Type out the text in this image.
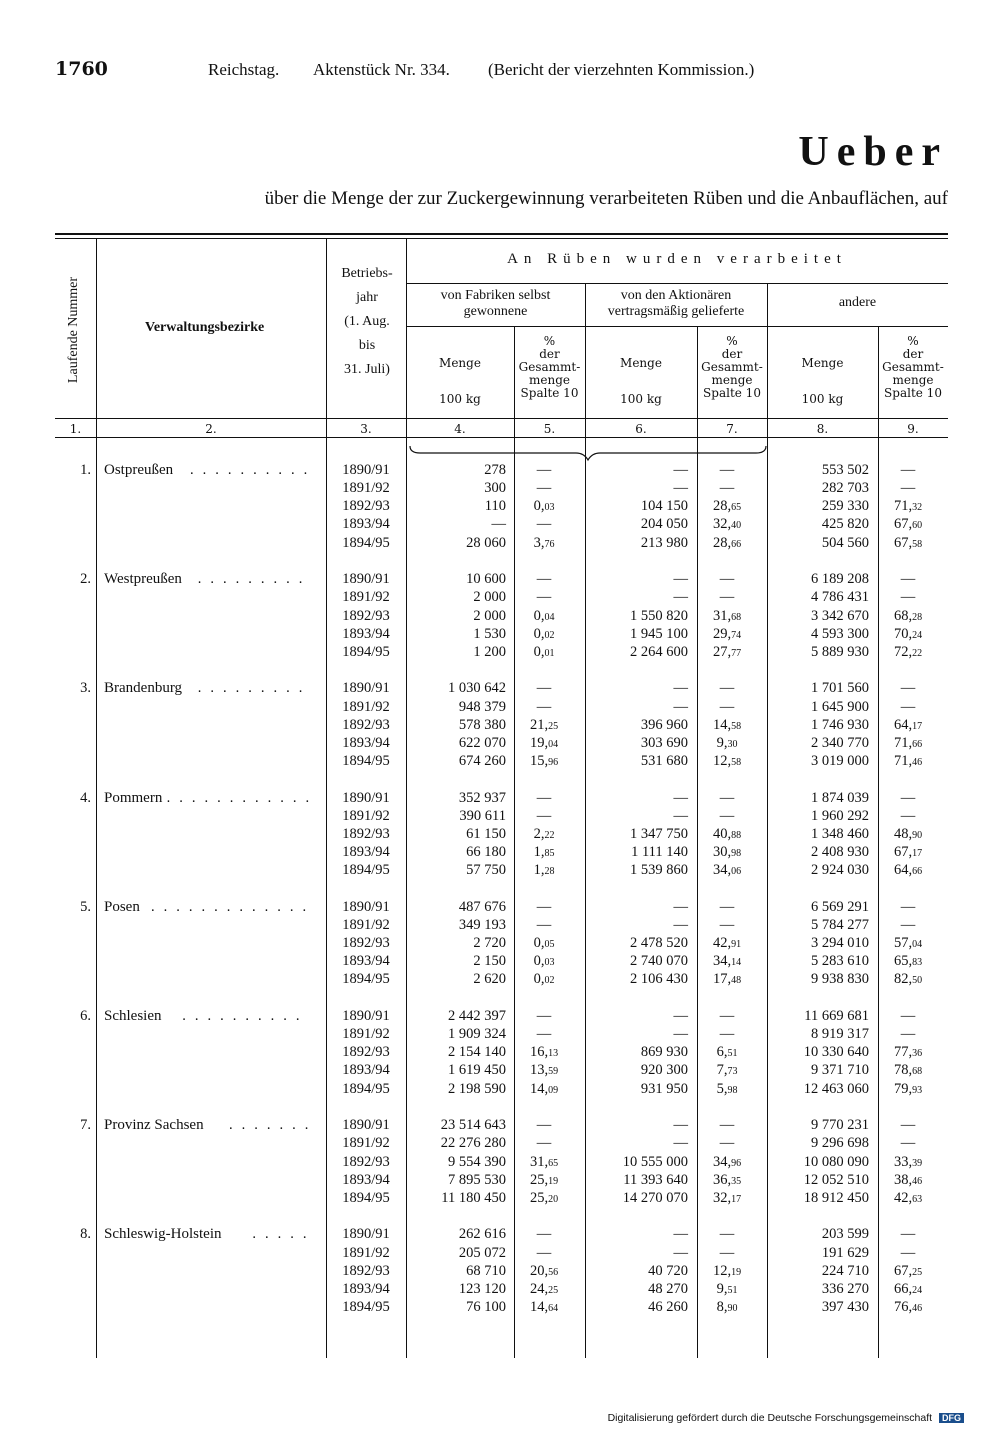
1760	Reichstag. Aktenstück Nr. 334. (Bericht der vierzehnten Kommission.)
Ueber
über die Menge der zur Zuckergewinnung verarbeiteten Rüben und die Anbauflächen, auf
Laufende Nummer	Verwaltungsbezirke
Betriebs-
jahr
(1. Aug.
bis
31. Juli)
An Rüben wurden verarbeitet
von Fabriken selbst
gewonnene
von den Aktionären
vertragsmäßig gelieferte
andere
Menge
100 kg
%
der
Gesammt-
menge
Spalte 10
Menge
100 kg
%
der
Gesammt-
menge
Spalte 10
Menge
100 kg
%
der
Gesammt-
menge
Spalte 10
1.	2.	3.	4.	5.	6.	7.	8.	9.
1. Ostpreußen ..........	1890/91	278	—	—	—	553 502	—
1891/92	300	—	—	—	282 703	—
1892/93	110	0,03	104 150	28,65	259 330	71,32
1893/94	—	—	204 050	32,40	425 820	67,60
1894/95	28 060	3,76	213 980	28,66	504 560	67,58
2. Westpreußen .........	1890/91	10 600	—	—	—	6 189 208	—
1891/92	2 000	—	—	—	4 786 431	—
1892/93	2 000	0,04	1 550 820	31,68	3 342 670	68,28
1893/94	1 530	0,02	1 945 100	29,74	4 593 300	70,24
1894/95	1 200	0,01	2 264 600	27,77	5 889 930	72,22
3. Brandenburg .........	1890/91	1 030 642	—	—	—	1 701 560	—
1891/92	948 379	—	—	—	1 645 900	—
1892/93	578 380	21,25	396 960	14,58	1 746 930	64,17
1893/94	622 070	19,04	303 690	9,30	2 340 770	71,66
1894/95	674 260	15,96	531 680	12,58	3 019 000	71,46
4. Pommern ............	1890/91	352 937	—	—	—	1 874 039	—
1891/92	390 611	—	—	—	1 960 292	—
1892/93	61 150	2,22	1 347 750	40,88	1 348 460	48,90
1893/94	66 180	1,85	1 111 140	30,98	2 408 930	67,17
1894/95	57 750	1,28	1 539 860	34,06	2 924 030	64,66
5. Posen .............	1890/91	487 676	—	—	—	6 569 291	—
1891/92	349 193	—	—	—	5 784 277	—
1892/93	2 720	0,05	2 478 520	42,91	3 294 010	57,04
1893/94	2 150	0,03	2 740 070	34,14	5 283 610	65,83
1894/95	2 620	0,02	2 106 430	17,48	9 938 830	82,50
6. Schlesien ..........	1890/91	2 442 397	—	—	—	11 669 681	—
1891/92	1 909 324	—	—	—	8 919 317	—
1892/93	2 154 140	16,13	869 930	6,51	10 330 640	77,36
1893/94	1 619 450	13,59	920 300	7,73	9 371 710	78,68
1894/95	2 198 590	14,09	931 950	5,98	12 463 060	79,93
7. Provinz Sachsen .......	1890/91	23 514 643	—	—	—	9 770 231	—
1891/92	22 276 280	—	—	—	9 296 698	—
1892/93	9 554 390	31,65	10 555 000	34,96	10 080 090	33,39
1893/94	7 895 530	25,19	11 393 640	36,35	12 052 510	38,46
1894/95	11 180 450	25,20	14 270 070	32,17	18 912 450	42,63
8. Schleswig-Holstein .....	1890/91	262 616	—	—	—	203 599	—
1891/92	205 072	—	—	—	191 629	—
1892/93	68 710	20,56	40 720	12,19	224 710	67,25
1893/94	123 120	24,25	48 270	9,51	336 270	66,24
1894/95	76 100	14,64	46 260	8,90	397 430	76,46
Digitalisierung gefördert durch die Deutsche Forschungsgemeinschaft DFG
